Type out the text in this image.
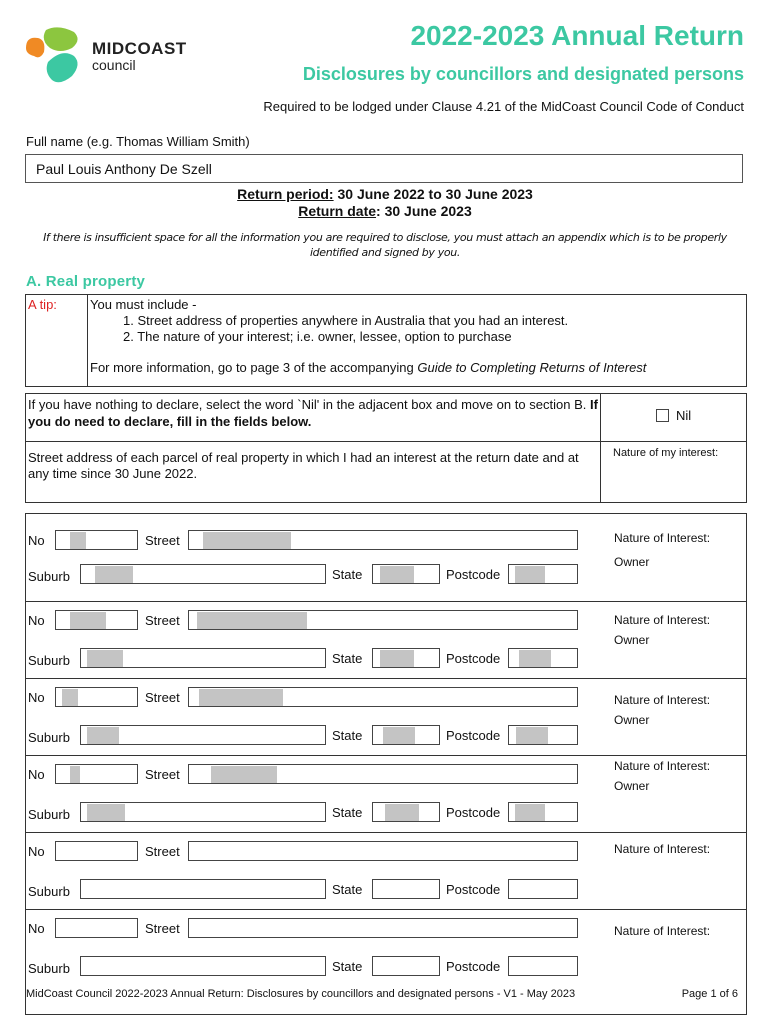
MIDCOAST
council
2022-2023 Annual Return
Disclosures by councillors and designated persons
Required to be lodged under Clause 4.21 of the MidCoast Council Code of Conduct
Full name (e.g. Thomas William Smith)
Paul Louis Anthony De Szell
Return period: 30 June 2022 to 30 June 2023
Return date: 30 June 2023
If there is insufficient space for all the information you are required to disclose, you must attach an appendix which is to be properly identified and signed by you.
A. Real property
A tip:	You must include -
1. Street address of properties anywhere in Australia that you had an interest.
2. The nature of your interest; i.e. owner, lessee, option to purchase
For more information, go to page 3 of the accompanying Guide to Completing Returns of Interest
If you have nothing to declare, select the word `Nil' in the adjacent box and move on to section B. If you do need to declare, fill in the fields below.	Nil
Street address of each parcel of real property in which I had an interest at the return date and at any time since 30 June 2022.
Nature of my interest:
No	Street
Suburb	State	Postcode
Nature of Interest:
Owner
No	Street
Suburb	State	Postcode
Nature of Interest:
Owner
No	Street
Suburb	State	Postcode
Nature of Interest:
Owner
No	Street
Suburb	State	Postcode
Nature of Interest:
Owner
No	Street
Suburb	State	Postcode
Nature of Interest:
No	Street
Suburb	State	Postcode
Nature of Interest:
MidCoast Council 2022-2023 Annual Return: Disclosures by councillors and designated persons - V1 - May 2023	Page 1 of 6
